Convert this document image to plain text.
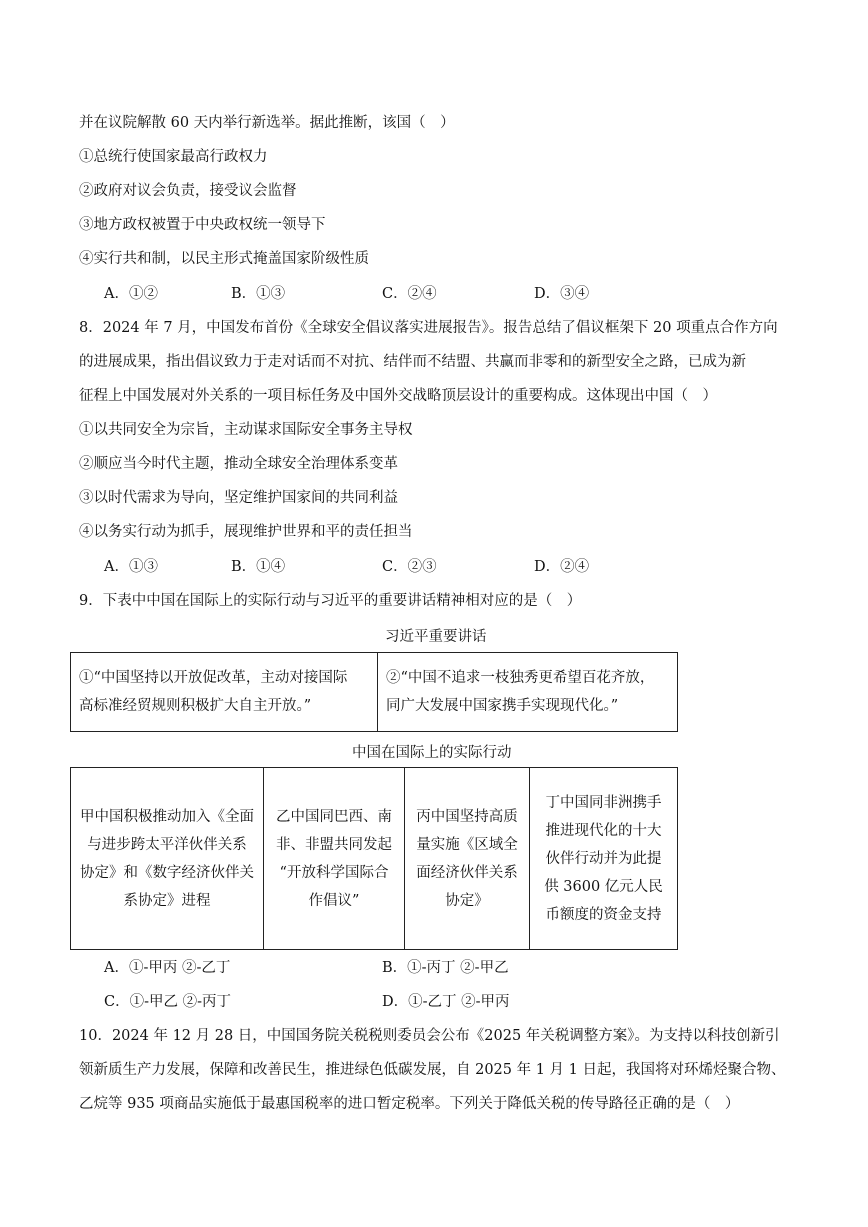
并在议院解散 60 天内举行新选举。据此推断，该国（　）
①总统行使国家最高行政权力
②政府对议会负责，接受议会监督
③地方政权被置于中央政权统一领导下
④实行共和制，以民主形式掩盖国家阶级性质
A．①②	B．①③	C．②④	D．③④
8．2024 年 7 月，中国发布首份《全球安全倡议落实进展报告》。报告总结了倡议框架下 20 项重点合作方向
的进展成果，指出倡议致力于走对话而不对抗、结伴而不结盟、共赢而非零和的新型安全之路，已成为新
征程上中国发展对外关系的一项目标任务及中国外交战略顶层设计的重要构成。这体现出中国（　）
①以共同安全为宗旨，主动谋求国际安全事务主导权
②顺应当今时代主题，推动全球安全治理体系变革
③以时代需求为导向，坚定维护国家间的共同利益
④以务实行动为抓手，展现维护世界和平的责任担当
A．①③	B．①④	C．②③	D．②④
9．下表中中国在国际上的实际行动与习近平的重要讲话精神相对应的是（　）
习近平重要讲话
①“中国坚持以开放促改革，主动对接国际
高标准经贸规则积极扩大自主开放。”

②“中国不追求一枝独秀更希望百花齐放，
同广大发展中国家携手实现现代化。”
中国在国际上的实际行动
甲中国积极推动加入《全面
与进步跨太平洋伙伴关系
协定》和《数字经济伙伴关
系协定》进程

乙中国同巴西、南
非、非盟共同发起
“开放科学国际合
作倡议”

丙中国坚持高质
量实施《区域全
面经济伙伴关系
协定》

丁中国同非洲携手
推进现代化的十大
伙伴行动并为此提
供 3600 亿元人民
币额度的资金支持
A．①-甲丙 ②-乙丁	B．①-丙丁 ②-甲乙
C．①-甲乙 ②-丙丁	D．①-乙丁 ②-甲丙
10．2024 年 12 月 28 日，中国国务院关税税则委员会公布《2025 年关税调整方案》。为支持以科技创新引
领新质生产力发展，保障和改善民生，推进绿色低碳发展，自 2025 年 1 月 1 日起，我国将对环烯烃聚合物、
乙烷等 935 项商品实施低于最惠国税率的进口暂定税率。下列关于降低关税的传导路径正确的是（　）
